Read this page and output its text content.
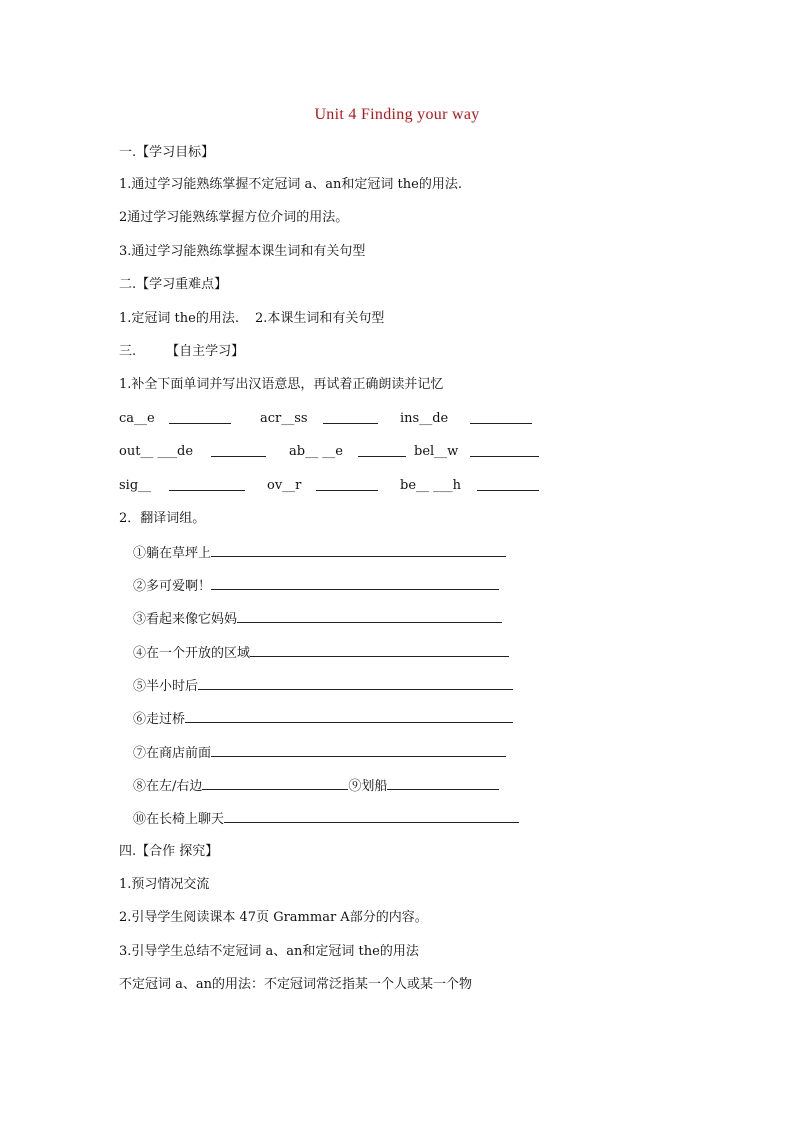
Unit 4 Finding your way
一.【学习目标】
1.通过学习能熟练掌握不定冠词 a、an和定冠词 the的用法.
2通过学习能熟练掌握方位介词的用法。
3.通过学习能熟练掌握本课生词和有关句型
二.【学习重难点】
1.定冠词 the的用法. 2.本课生词和有关句型
三. 【自主学习】
1.补全下面单词并写出汉语意思，再试着正确朗读并记忆
ca__e	acr__ss	ins__de
out__ ___de	ab__ __e	bel__w
sig__	ov__r	be__ ___h
2．翻译词组。
①躺在草坪上
②多可爱啊！
③看起来像它妈妈
④在一个开放的区域
⑤半小时后
⑥走过桥
⑦在商店前面
⑧在左/右边	⑨划船
⑩在长椅上聊天
四.【合作 探究】
1.预习情况交流
2.引导学生阅读课本 47页 Grammar A部分的内容。
3.引导学生总结不定冠词 a、an和定冠词 the的用法
不定冠词 a、an的用法：不定冠词常泛指某一个人或某一个物
